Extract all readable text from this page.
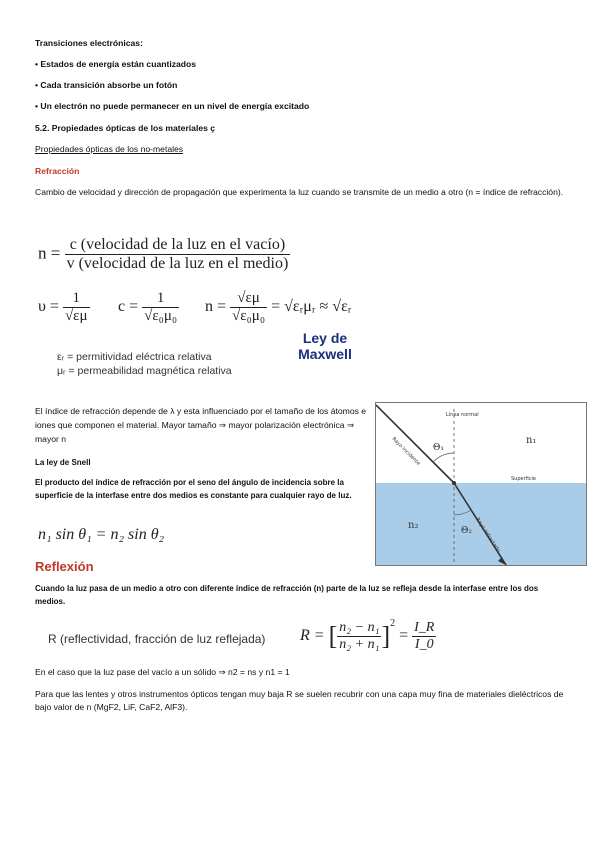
Transiciones electrónicas:
• Estados de energía están cuantizados
• Cada transición absorbe un fotón
• Un electrón no puede permanecer en un nivel de energía excitado
5.2. Propiedades ópticas de los materiales ç
Propiedades ópticas de los no-metales
Refracción
Cambio de velocidad y dirección de propagación que experimenta la luz cuando se transmite de un medio a otro (n = índice de refracción).
$n = \frac{\text{c (velocidad de la luz en el vacío)}}{\text{v (velocidad de la luz en el medio)}}$
$\upsilon = \frac{1}{√\varepsilon\mu}$ $c = \frac{1}{\text{√ε₀μ₀}}$ $n = \frac{√\varepsilon\mu}{\text{√ε₀μ₀}}$ = √εᵣμᵣ ≈ √εᵣ
Ley de Maxwell
εᵣ = permitividad eléctrica relativa
μᵣ = permeabilidad magnética relativa
El índice de refracción depende de λ y esta influenciado por el tamaño de los átomos e iones que componen el material. Mayor tamaño ⇒ mayor polarización electrónica ⇒ mayor n
La ley de Snell
El producto del índice de refracción por el seno del ángulo de incidencia sobre la superficie de la interfase entre dos medios es constante para cualquier rayo de luz.
n₁ sin θ₁ = n₂ sin θ₂
Línea normal
Rayo incidente
Rayo refractado
Superficie
Θ₁
Θ₂
n₁
n₂
Reflexión
Cuando la luz pasa de un medio a otro con diferente índice de refracción (n) parte de la luz se refleja desde la interfase entre los dos medios.
R (reflectividad, fracción de luz reflejada) R = [ $\frac{\text{n₂ − n₁}}{\text{n₂ + n₁}} ]^2 = \frac{I\_R}{I\_0}$
En el caso que la luz pase del vacío a un sólido ⇒ n2 = ns y n1 = 1
Para que las lentes y otros instrumentos ópticos tengan muy baja R se suelen recubrir con una capa muy fina de materiales dieléctricos de bajo valor de n (MgF2, LiF, CaF2, AlF3).
